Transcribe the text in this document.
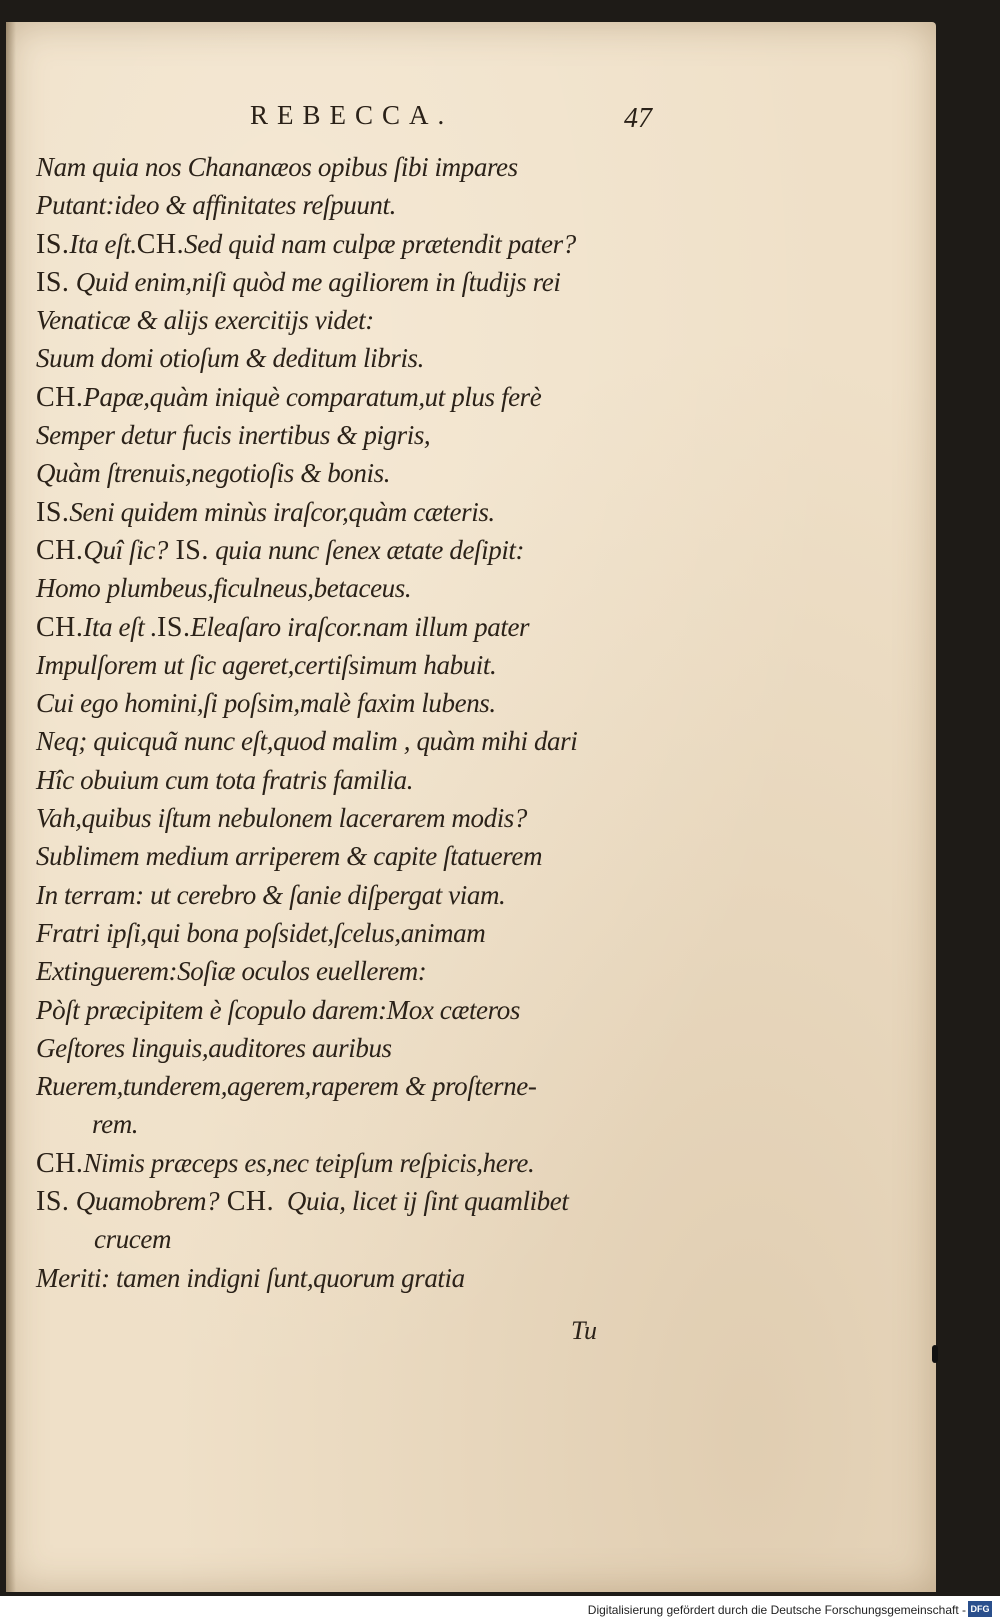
REBECCA.	47
Nam quia nos Chananæos opibus ſibi impares
Putant:ideo & affinitates reſpuunt.
IS.Ita eſt.CH.Sed quid nam culpæ prætendit pater?
IS. Quid enim,niſi quòd me agiliorem in ſtudijs rei
Venaticæ & alijs exercitijs videt:
Suum domi otioſum & deditum libris.
CH.Papæ,quàm iniquè comparatum,ut plus ferè
Semper detur fucis inertibus & pigris,
Quàm ſtrenuis,negotioſis & bonis.
IS.Seni quidem minùs iraſcor,quàm cæteris.
CH.Quî ſic? IS. quia nunc ſenex ætate deſipit:
Homo plumbeus,ficulneus,betaceus.
CH.Ita eſt .IS.Eleaſaro iraſcor.nam illum pater
Impulſorem ut ſic ageret,certiſsimum habuit.
Cui ego homini,ſi poſsim,malè faxim lubens.
Neq; quicquã nunc eſt,quod malim , quàm mihi dari
Hîc obuium cum tota fratris familia.
Vah,quibus iſtum nebulonem lacerarem modis?
Sublimem medium arriperem & capite ſtatuerem
In terram: ut cerebro & ſanie diſpergat viam.
Fratri ipſi,qui bona poſsidet,ſcelus,animam
Extinguerem:Soſiæ oculos euellerem:
Pòſt præcipitem è ſcopulo darem:Mox cæteros
Geſtores linguis,auditores auribus
Ruerem,tunderem,agerem,raperem & proſterne-
rem.
CH.Nimis præceps es,nec teipſum reſpicis,here.
IS. Quamobrem? CH.  Quia, licet ij ſint quamlibet
crucem
Meriti: tamen indigni ſunt,quorum gratia
Tu
Digitalisierung gefördert durch die Deutsche Forschungsgemeinschaft - DFG
